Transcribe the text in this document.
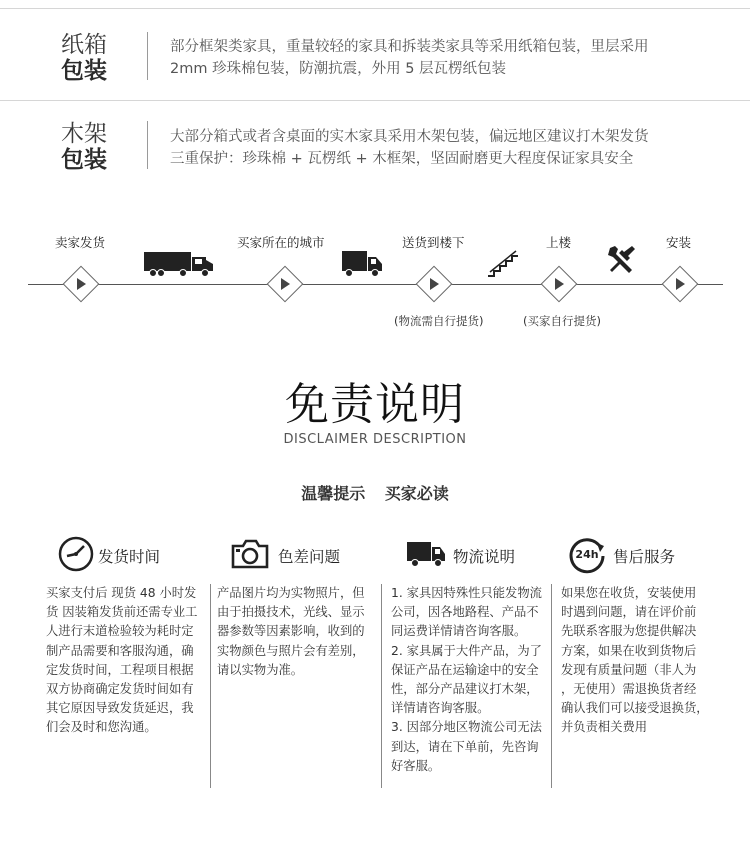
纸箱
包装
部分框架类家具，重量较轻的家具和拆装类家具等采用纸箱包装，里层采用
2mm 珍珠棉包装，防潮抗震，外用 5 层瓦楞纸包装
木架
包装
大部分箱式或者含桌面的实木家具采用木架包装，偏远地区建议打木架发货
三重保护：珍珠棉 + 瓦楞纸 + 木框架，坚固耐磨更大程度保证家具安全
卖家发货	买家所在的城市	送货到楼下	上楼	安装
(物流需自行提货)	(买家自行提货)
免责说明
DISCLAIMER DESCRIPTION
温馨提示 买家必读
发货时间
买家支付后 现货 48 小时发
货 因装箱发货前还需专业工
人进行末道检验较为耗时定
制产品需要和客服沟通，确
定发货时间，工程项目根据
双方协商确定发货时间如有
其它原因导致发货延迟，我
们会及时和您沟通。
色差问题
产品图片均为实物照片，但
由于拍摄技术，光线、显示
器参数等因素影响，收到的
实物颜色与照片会有差别，
请以实物为准。
物流说明
1. 家具因特殊性只能发物流
公司，因各地路程、产品不
同运费详情请咨询客服。
2. 家具属于大件产品，为了
保证产品在运输途中的安全
性，部分产品建议打木架，
详情请咨询客服。
3. 因部分地区物流公司无法
到达，请在下单前，先咨询
好客服。
24h 售后服务
如果您在收货，安装使用
时遇到问题，请在评价前
先联系客服为您提供解决
方案，如果在收到货物后
发现有质量问题（非人为
，无使用）需退换货者经
确认我们可以接受退换货，
并负责相关费用
